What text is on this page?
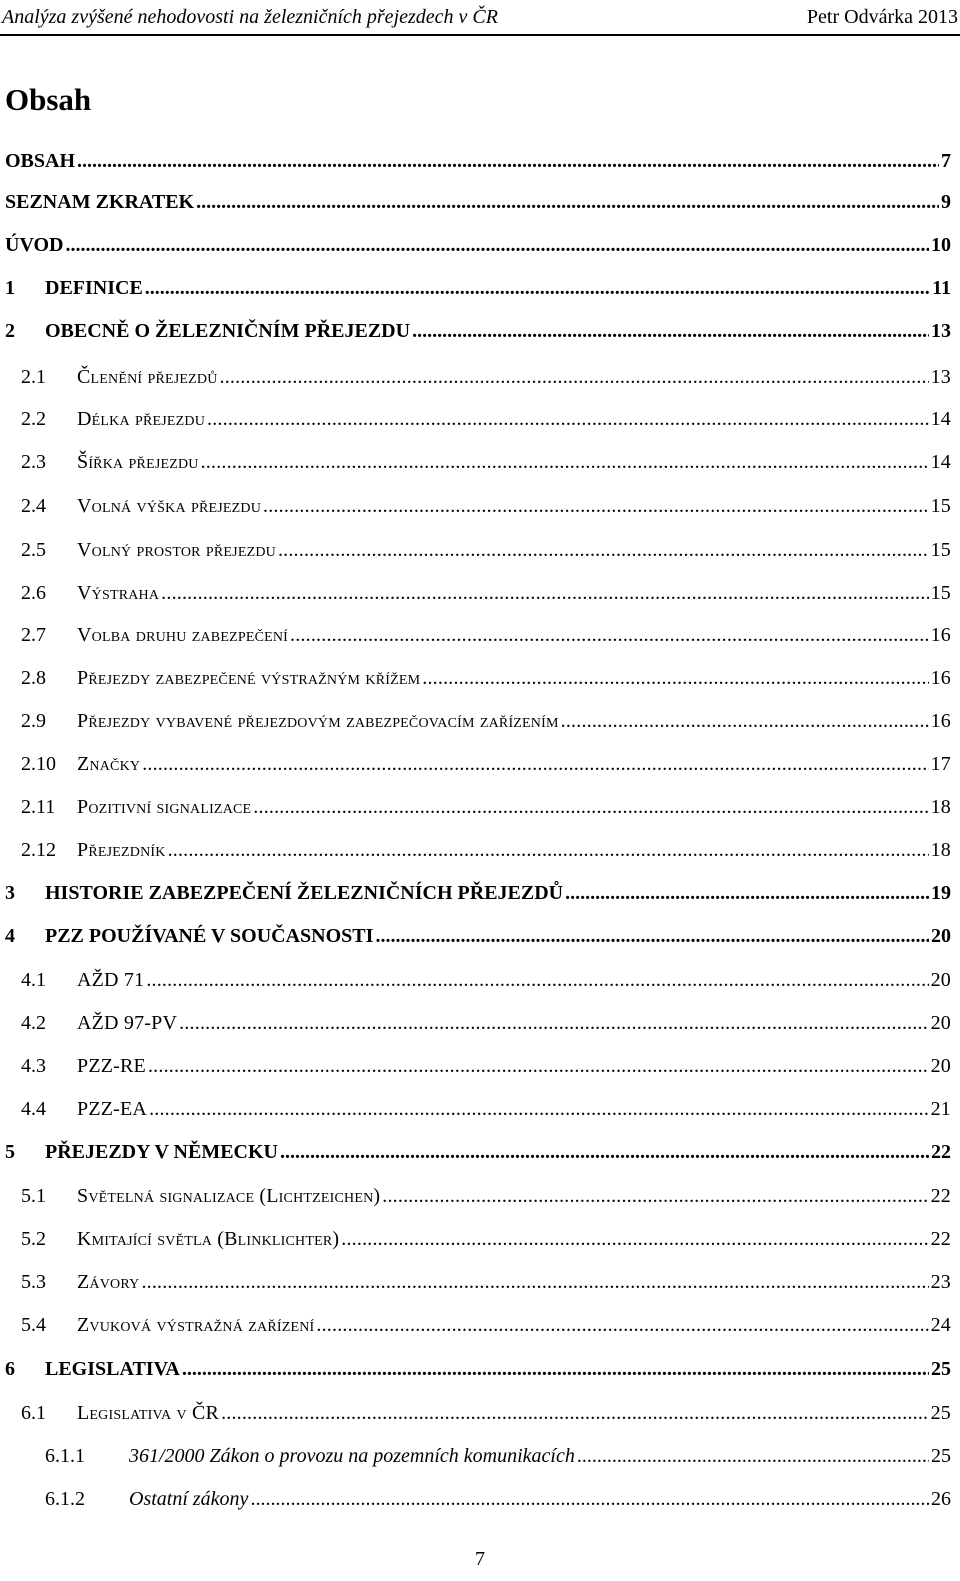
Analýza zvýšené nehodovosti na železničních přejezdech v ČR	Petr Odvárka 2013
Obsah
OBSAH .....	7
SEZNAM ZKRATEK .....	9
ÚVOD .....	10
1	DEFINICE .....	11
2	OBECNĚ O ŽELEZNIČNÍM PŘEJEZDU .....	13
2.1	Členění přejezdů .....	13
2.2	Délka přejezdu .....	14
2.3	Šířka přejezdu .....	14
2.4	Volná výška přejezdu .....	15
2.5	Volný prostor přejezdu .....	15
2.6	Výstraha .....	15
2.7	Volba druhu zabezpečení .....	16
2.8	Přejezdy zabezpečené výstražným křížem .....	16
2.9	Přejezdy vybavené přejezdovým zabezpečovacím zařízením .....	16
2.10	Značky .....	17
2.11	Pozitivní signalizace .....	18
2.12	Přejezdník .....	18
3	HISTORIE ZABEZPEČENÍ ŽELEZNIČNÍCH PŘEJEZDŮ .....	19
4	PZZ POUŽÍVANÉ V SOUČASNOSTI .....	20
4.1	AŽD 71 .....	20
4.2	AŽD 97-PV .....	20
4.3	PZZ-RE .....	20
4.4	PZZ-EA .....	21
5	PŘEJEZDY V NĚMECKU .....	22
5.1	Světelná signalizace (Lichtzeichen) .....	22
5.2	Kmitající světla (Blinklichter) .....	22
5.3	Závory .....	23
5.4	Zvuková výstražná zařízení .....	24
6	LEGISLATIVA .....	25
6.1	Legislativa v ČR .....	25
6.1.1	361/2000 Zákon o provozu na pozemních komunikacích .....	25
6.1.2	Ostatní zákony .....	26
7
